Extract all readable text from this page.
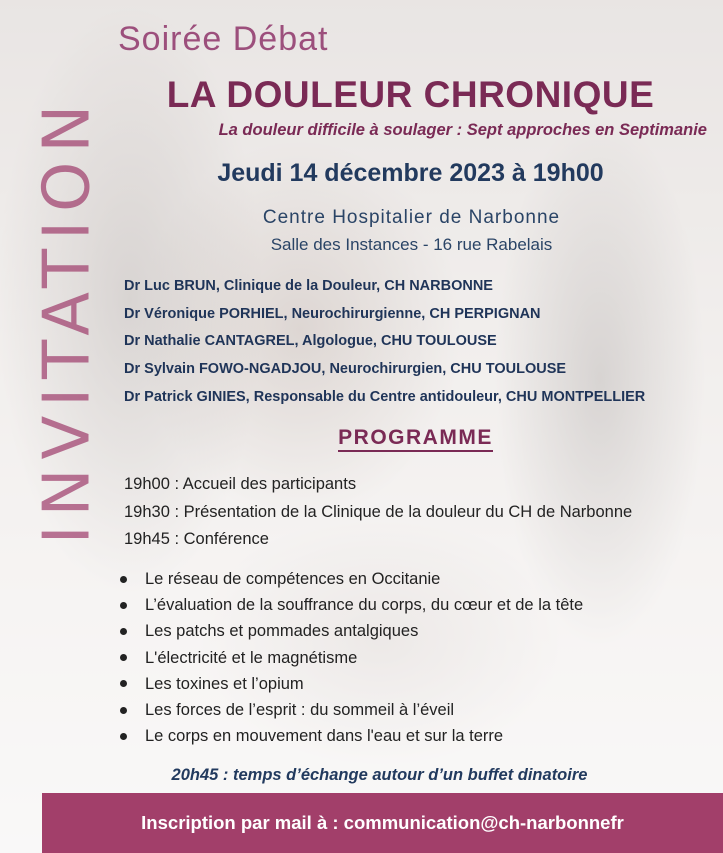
INVITATION
Soirée Débat
LA DOULEUR CHRONIQUE
La douleur difficile à soulager : Sept approches en Septimanie
Jeudi 14 décembre 2023 à 19h00
Centre Hospitalier de Narbonne
Salle des Instances - 16 rue Rabelais
Dr Luc BRUN, Clinique de la Douleur, CH NARBONNE
Dr Véronique PORHIEL, Neurochirurgienne, CH PERPIGNAN
Dr Nathalie CANTAGREL, Algologue, CHU TOULOUSE
Dr Sylvain FOWO-NGADJOU, Neurochirurgien, CHU TOULOUSE
Dr Patrick GINIES, Responsable du Centre antidouleur, CHU MONTPELLIER
PROGRAMME
19h00 : Accueil des participants
19h30 : Présentation de la Clinique de la douleur du CH de Narbonne
19h45 : Conférence
Le réseau de compétences en Occitanie
L’évaluation de la souffrance du corps, du cœur et de la tête
Les patchs et pommades antalgiques
L'électricité et le magnétisme
Les toxines et l’opium
Les forces de l’esprit : du sommeil à l’éveil
Le corps en mouvement dans l'eau et sur la terre
20h45 : temps d’échange autour d’un buffet dinatoire
Inscription par mail à : communication@ch-narbonnefr
